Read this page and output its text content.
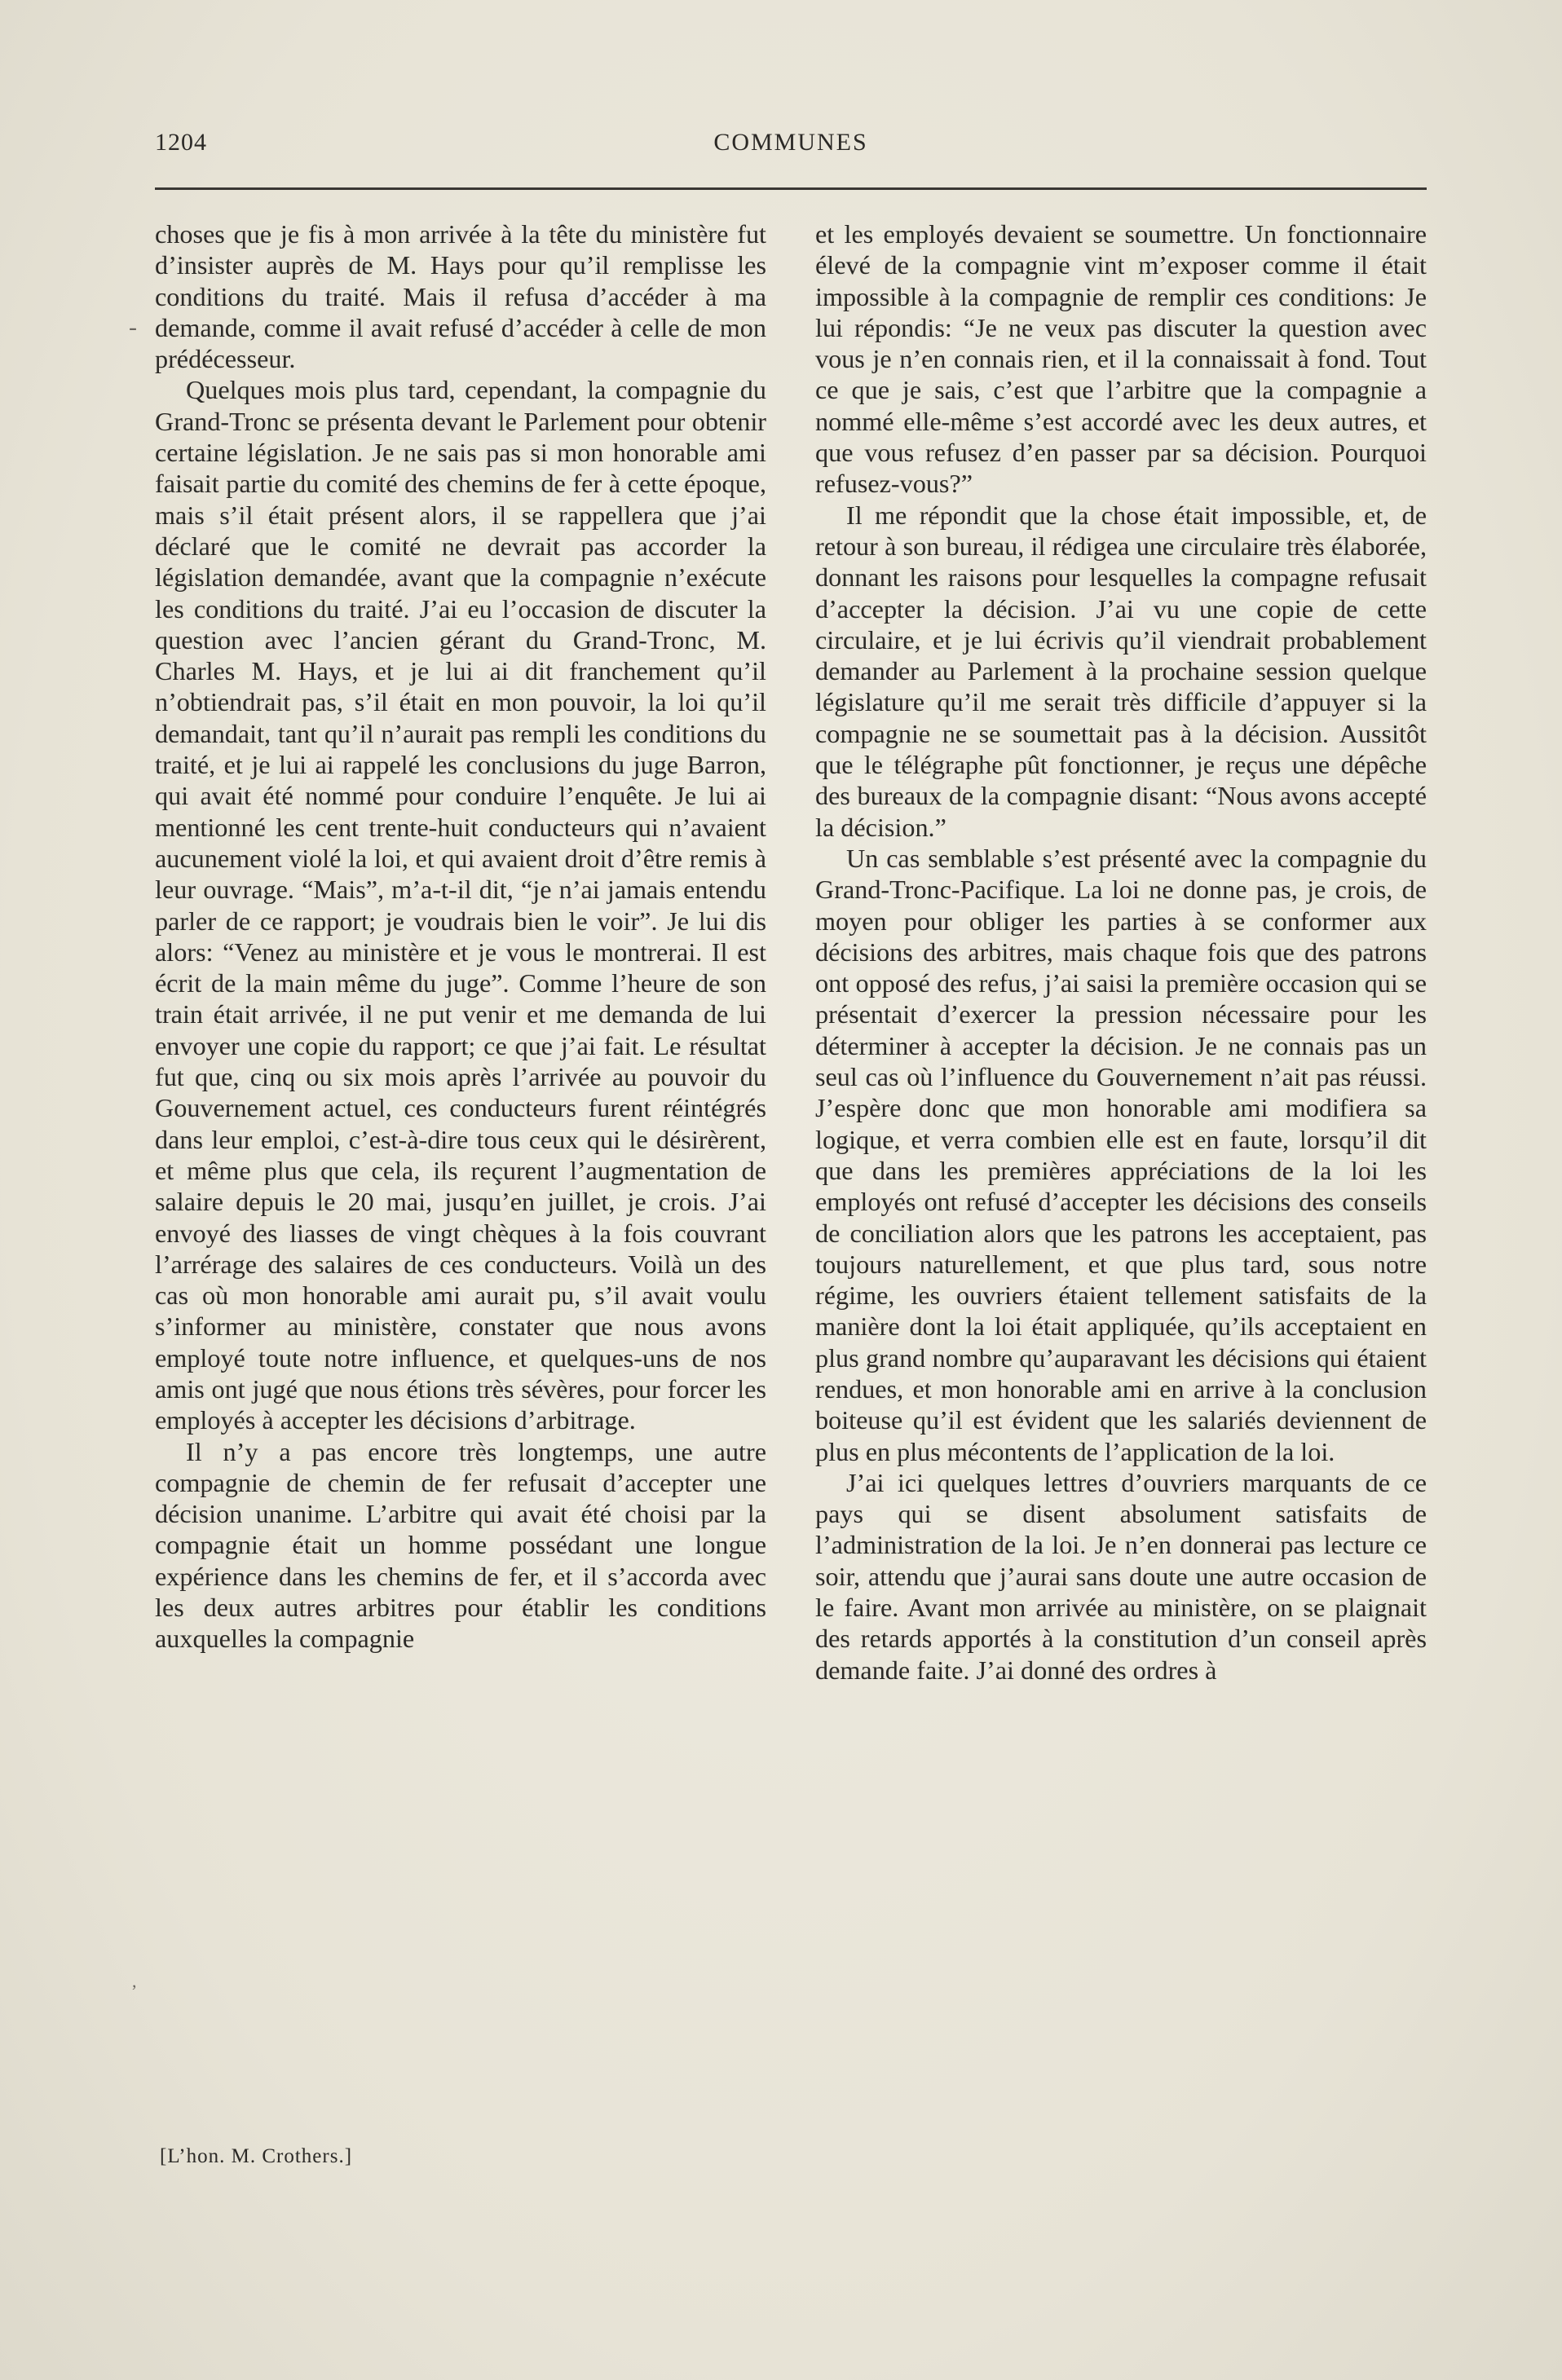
1204	COMMUNES
-
,

choses que je fis à mon arrivée à la tête du ministère fut d’insister auprès de M. Hays pour qu’il remplisse les conditions du traité. Mais il refusa d’accéder à ma demande, comme il avait refusé d’accéder à celle de mon prédécesseur.

Quelques mois plus tard, cependant, la compagnie du Grand-Tronc se présenta devant le Parlement pour obtenir certaine législation. Je ne sais pas si mon honorable ami faisait partie du comité des chemins de fer à cette époque, mais s’il était présent alors, il se rappellera que j’ai déclaré que le comité ne devrait pas accorder la législation demandée, avant que la compagnie n’exécute les conditions du traité. J’ai eu l’occasion de discuter la question avec l’ancien gérant du Grand-Tronc, M. Charles M. Hays, et je lui ai dit franchement qu’il n’obtiendrait pas, s’il était en mon pouvoir, la loi qu’il demandait, tant qu’il n’aurait pas rempli les conditions du traité, et je lui ai rappelé les conclusions du juge Barron, qui avait été nommé pour conduire l’enquête. Je lui ai mentionné les cent trente-huit conducteurs qui n’avaient aucunement violé la loi, et qui avaient droit d’être remis à leur ouvrage. “Mais”, m’a-t-il dit, “je n’ai jamais entendu parler de ce rapport; je voudrais bien le voir”. Je lui dis alors: “Venez au ministère et je vous le montrerai. Il est écrit de la main même du juge”. Comme l’heure de son train était arrivée, il ne put venir et me demanda de lui envoyer une copie du rapport; ce que j’ai fait. Le résultat fut que, cinq ou six mois après l’arrivée au pouvoir du Gouvernement actuel, ces conducteurs furent réintégrés dans leur emploi, c’est-à-dire tous ceux qui le désirèrent, et même plus que cela, ils reçurent l’augmentation de salaire depuis le 20 mai, jusqu’en juillet, je crois. J’ai envoyé des liasses de vingt chèques à la fois couvrant l’arrérage des salaires de ces conducteurs. Voilà un des cas où mon honorable ami aurait pu, s’il avait voulu s’informer au ministère, constater que nous avons employé toute notre influence, et quelques-uns de nos amis ont jugé que nous étions très sévères, pour forcer les employés à accepter les décisions d’arbitrage.

Il n’y a pas encore très longtemps, une autre compagnie de chemin de fer refusait d’accepter une décision unanime. L’arbitre qui avait été choisi par la compagnie était un homme possédant une longue expérience dans les chemins de fer, et il s’accorda avec les deux autres arbitres pour établir les conditions auxquelles la compagnie

et les employés devaient se soumettre. Un fonctionnaire élevé de la compagnie vint m’exposer comme il était impossible à la compagnie de remplir ces conditions: Je lui répondis: “Je ne veux pas discuter la question avec vous je n’en connais rien, et il la connaissait à fond. Tout ce que je sais, c’est que l’arbitre que la compagnie a nommé elle-même s’est accordé avec les deux autres, et que vous refusez d’en passer par sa décision. Pourquoi refusez-vous?”

Il me répondit que la chose était impossible, et, de retour à son bureau, il rédigea une circulaire très élaborée, donnant les raisons pour lesquelles la compagne refusait d’accepter la décision. J’ai vu une copie de cette circulaire, et je lui écrivis qu’il viendrait probablement demander au Parlement à la prochaine session quelque législature qu’il me serait très difficile d’appuyer si la compagnie ne se soumettait pas à la décision. Aussitôt que le télégraphe pût fonctionner, je reçus une dépêche des bureaux de la compagnie disant: “Nous avons accepté la décision.”

Un cas semblable s’est présenté avec la compagnie du Grand-Tronc-Pacifique. La loi ne donne pas, je crois, de moyen pour obliger les parties à se conformer aux décisions des arbitres, mais chaque fois que des patrons ont opposé des refus, j’ai saisi la première occasion qui se présentait d’exercer la pression nécessaire pour les déterminer à accepter la décision. Je ne connais pas un seul cas où l’influence du Gouvernement n’ait pas réussi. J’espère donc que mon honorable ami modifiera sa logique, et verra combien elle est en faute, lorsqu’il dit que dans les premières appréciations de la loi les employés ont refusé d’accepter les décisions des conseils de conciliation alors que les patrons les acceptaient, pas toujours naturellement, et que plus tard, sous notre régime, les ouvriers étaient tellement satisfaits de la manière dont la loi était appliquée, qu’ils acceptaient en plus grand nombre qu’auparavant les décisions qui étaient rendues, et mon honorable ami en arrive à la conclusion boiteuse qu’il est évident que les salariés deviennent de plus en plus mécontents de l’application de la loi.

J’ai ici quelques lettres d’ouvriers marquants de ce pays qui se disent absolument satisfaits de l’administration de la loi. Je n’en donnerai pas lecture ce soir, attendu que j’aurai sans doute une autre occasion de le faire. Avant mon arrivée au ministère, on se plaignait des retards apportés à la constitution d’un conseil après demande faite. J’ai donné des ordres à

[L’hon. M. Crothers.]
